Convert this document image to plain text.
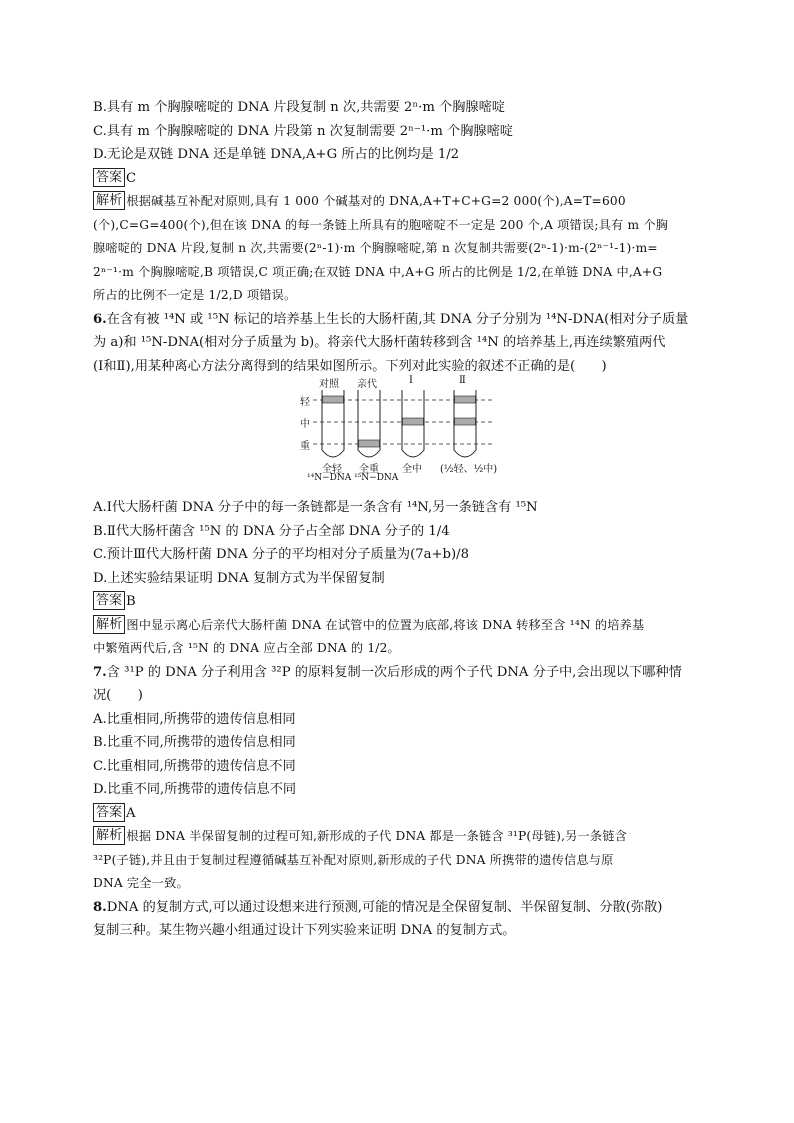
B.具有 m 个胸腺嘧啶的 DNA 片段复制 n 次,共需要 2ⁿ·m 个胸腺嘧啶
C.具有 m 个胸腺嘧啶的 DNA 片段第 n 次复制需要 2ⁿ⁻¹·m 个胸腺嘧啶
D.无论是双链 DNA 还是单链 DNA,A+G 所占的比例均是 1/2
答案 C
解析 根据碱基互补配对原则,具有 1 000 个碱基对的 DNA,A+T+C+G=2 000(个),A=T=600
(个),C=G=400(个),但在该 DNA 的每一条链上所具有的胞嘧啶不一定是 200 个,A 项错误;具有 m 个胸
腺嘧啶的 DNA 片段,复制 n 次,共需要(2ⁿ-1)·m 个胸腺嘧啶,第 n 次复制共需要(2ⁿ-1)·m-(2ⁿ⁻¹-1)·m=
2ⁿ⁻¹·m 个胸腺嘧啶,B 项错误,C 项正确;在双链 DNA 中,A+G 所占的比例是 1/2,在单链 DNA 中,A+G
所占的比例不一定是 1/2,D 项错误。
6.在含有被 ¹⁴N 或 ¹⁵N 标记的培养基上生长的大肠杆菌,其 DNA 分子分别为 ¹⁴N-DNA(相对分子质量
为 a)和 ¹⁵N-DNA(相对分子质量为 b)。将亲代大肠杆菌转移到含 ¹⁴N 的培养基上,再连续繁殖两代
(Ⅰ和Ⅱ),用某种离心方法分离得到的结果如图所示。下列对此实验的叙述不正确的是(　　)
对照 亲代	Ⅰ	Ⅱ
轻
中
重
全轻 全重 全中 (½轻、½中)
¹⁴N−DNA ¹⁵N−DNA
A.Ⅰ代大肠杆菌 DNA 分子中的每一条链都是一条含有 ¹⁴N,另一条链含有 ¹⁵N
B.Ⅱ代大肠杆菌含 ¹⁵N 的 DNA 分子占全部 DNA 分子的 1/4
C.预计Ⅲ代大肠杆菌 DNA 分子的平均相对分子质量为(7a+b)/8
D.上述实验结果证明 DNA 复制方式为半保留复制
答案 B
解析 图中显示离心后亲代大肠杆菌 DNA 在试管中的位置为底部,将该 DNA 转移至含 ¹⁴N 的培养基
中繁殖两代后,含 ¹⁵N 的 DNA 应占全部 DNA 的 1/2。
7.含 ³¹P 的 DNA 分子利用含 ³²P 的原料复制一次后形成的两个子代 DNA 分子中,会出现以下哪种情
况(　　)
A.比重相同,所携带的遗传信息相同
B.比重不同,所携带的遗传信息相同
C.比重相同,所携带的遗传信息不同
D.比重不同,所携带的遗传信息不同
答案 A
解析 根据 DNA 半保留复制的过程可知,新形成的子代 DNA 都是一条链含 ³¹P(母链),另一条链含
³²P(子链),并且由于复制过程遵循碱基互补配对原则,新形成的子代 DNA 所携带的遗传信息与原
DNA 完全一致。
8.DNA 的复制方式,可以通过设想来进行预测,可能的情况是全保留复制、半保留复制、分散(弥散)
复制三种。某生物兴趣小组通过设计下列实验来证明 DNA 的复制方式。
